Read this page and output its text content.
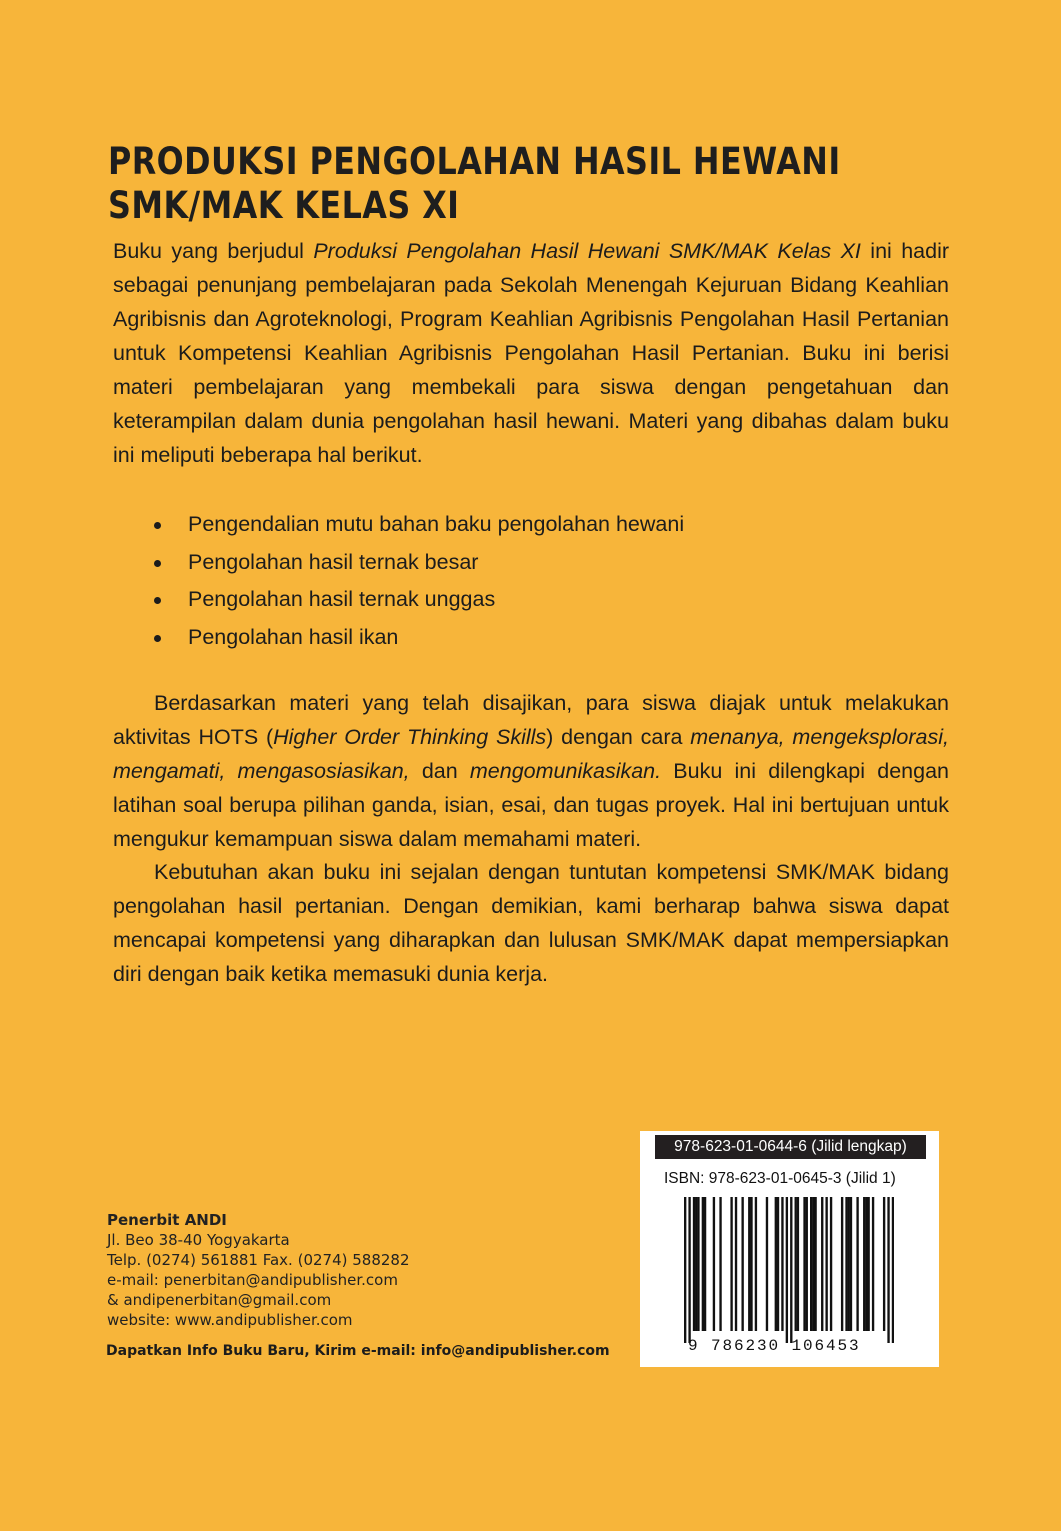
PRODUKSI PENGOLAHAN HASIL HEWANI
SMK/MAK KELAS XI

Buku yang berjudul Produksi Pengolahan Hasil Hewani SMK/MAK Kelas XI ini hadir sebagai penunjang pembelajaran pada Sekolah Menengah Kejuruan Bidang Keahlian Agribisnis dan Agroteknologi, Program Keahlian Agribisnis Pengolahan Hasil Pertanian untuk Kompetensi Keahlian Agribisnis Pengolahan Hasil Pertanian. Buku ini berisi materi pembelajaran yang membekali para siswa dengan pengetahuan dan keterampilan dalam dunia pengolahan hasil hewani. Materi yang dibahas dalam buku ini meliputi beberapa hal berikut.

Pengendalian mutu bahan baku pengolahan hewani
Pengolahan hasil ternak besar
Pengolahan hasil ternak unggas
Pengolahan hasil ikan

Berdasarkan materi yang telah disajikan, para siswa diajak untuk melakukan aktivitas HOTS (Higher Order Thinking Skills) dengan cara menanya, mengeksplorasi, mengamati, mengasosiasikan, dan mengomunikasikan. Buku ini dilengkapi dengan latihan soal berupa pilihan ganda, isian, esai, dan tugas proyek. Hal ini bertujuan untuk mengukur kemampuan siswa dalam memahami materi.

Kebutuhan akan buku ini sejalan dengan tuntutan kompetensi SMK/MAK bidang pengolahan hasil pertanian. Dengan demikian, kami berharap bahwa siswa dapat mencapai kompetensi yang diharapkan dan lulusan SMK/MAK dapat mempersiapkan diri dengan baik ketika memasuki dunia kerja.

Penerbit ANDI
Jl. Beo 38-40 Yogyakarta
Telp. (0274) 561881 Fax. (0274) 588282
e-mail: penerbitan@andipublisher.com
& andipenerbitan@gmail.com
website: www.andipublisher.com
Dapatkan Info Buku Baru, Kirim e-mail: info@andipublisher.com
978-623-01-0644-6 (Jilid lengkap)
ISBN: 978-623-01-0645-3 (Jilid 1)
9 786230 106453
